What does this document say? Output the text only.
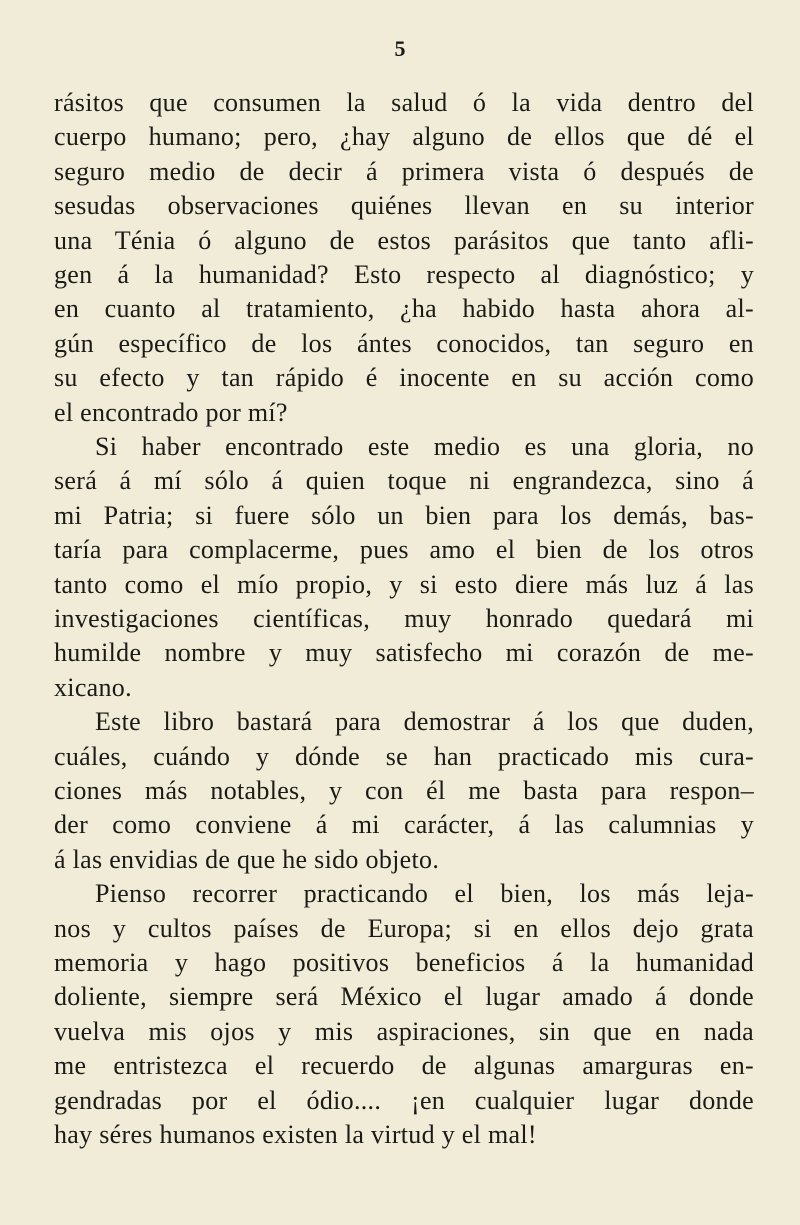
5
rásitos que consumen la salud ó la vida dentro del
cuerpo humano; pero, ¿hay alguno de ellos que dé el
seguro medio de decir á primera vista ó después de
sesudas observaciones quiénes llevan en su interior
una Ténia ó alguno de estos parásitos que tanto afli-
gen á la humanidad? Esto respecto al diagnóstico; y
en cuanto al tratamiento, ¿ha habido hasta ahora al-
gún específico de los ántes conocidos, tan seguro en
su efecto y tan rápido é inocente en su acción como
el encontrado por mí?
Si haber encontrado este medio es una gloria, no
será á mí sólo á quien toque ni engrandezca, sino á
mi Patria; si fuere sólo un bien para los demás, bas-
taría para complacerme, pues amo el bien de los otros
tanto como el mío propio, y si esto diere más luz á las
investigaciones científicas, muy honrado quedará mi
humilde nombre y muy satisfecho mi corazón de me-
xicano.
Este libro bastará para demostrar á los que duden,
cuáles, cuándo y dónde se han practicado mis cura-
ciones más notables, y con él me basta para respon–
der como conviene á mi carácter, á las calumnias y
á las envidias de que he sido objeto.
Pienso recorrer practicando el bien, los más leja-
nos y cultos países de Europa; si en ellos dejo grata
memoria y hago positivos beneficios á la humanidad
doliente, siempre será México el lugar amado á donde
vuelva mis ojos y mis aspiraciones, sin que en nada
me entristezca el recuerdo de algunas amarguras en-
gendradas por el ódio.... ¡en cualquier lugar donde
hay séres humanos existen la virtud y el mal!
